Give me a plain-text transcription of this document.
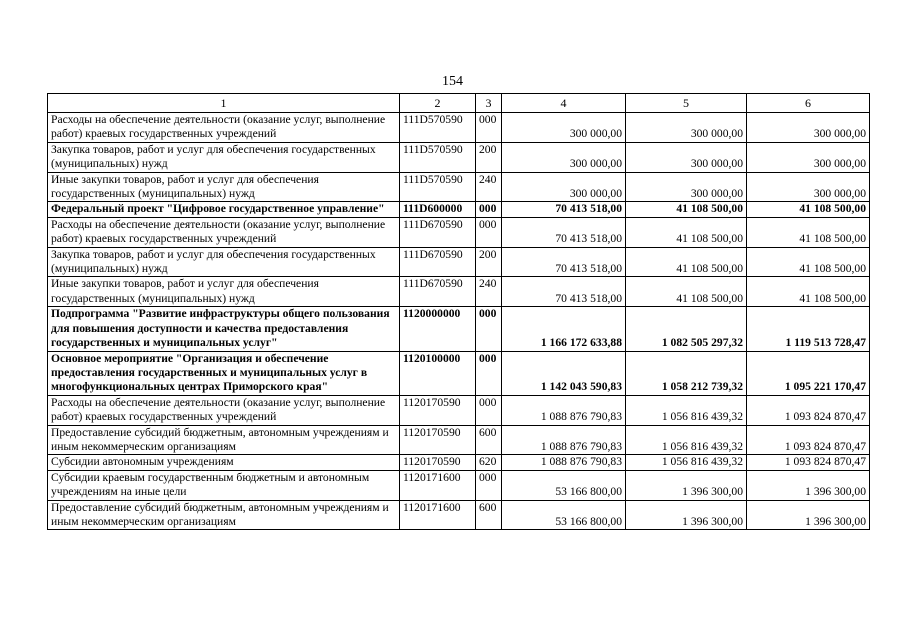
154
1	2	3	4	5	6
Расходы на обеспечение деятельности (оказание услуг, выполнение работ) краевых государственных учреждений	111D570590	000	300 000,00	300 000,00	300 000,00
Закупка товаров, работ и услуг для обеспечения государственных (муниципальных) нужд	111D570590	200	300 000,00	300 000,00	300 000,00
Иные закупки товаров, работ и услуг для обеспечения государственных (муниципальных) нужд	111D570590	240	300 000,00	300 000,00	300 000,00
Федеральный проект "Цифровое государственное управление"	111D600000	000	70 413 518,00	41 108 500,00	41 108 500,00
Расходы на обеспечение деятельности (оказание услуг, выполнение работ) краевых государственных учреждений	111D670590	000	70 413 518,00	41 108 500,00	41 108 500,00
Закупка товаров, работ и услуг для обеспечения государственных (муниципальных) нужд	111D670590	200	70 413 518,00	41 108 500,00	41 108 500,00
Иные закупки товаров, работ и услуг для обеспечения государственных (муниципальных) нужд	111D670590	240	70 413 518,00	41 108 500,00	41 108 500,00
Подпрограмма "Развитие инфраструктуры общего пользования для повышения доступности и качества предоставления государственных и муниципальных услуг"	1120000000	000	1 166 172 633,88	1 082 505 297,32	1 119 513 728,47
Основное мероприятие "Организация и обеспечение предоставления государственных и муниципальных услуг в многофункциональных центрах Приморского края"	1120100000	000	1 142 043 590,83	1 058 212 739,32	1 095 221 170,47
Расходы на обеспечение деятельности (оказание услуг, выполнение работ) краевых государственных учреждений	1120170590	000	1 088 876 790,83	1 056 816 439,32	1 093 824 870,47
Предоставление субсидий бюджетным, автономным учреждениям и иным некоммерческим организациям	1120170590	600	1 088 876 790,83	1 056 816 439,32	1 093 824 870,47
Субсидии автономным учреждениям	1120170590	620	1 088 876 790,83	1 056 816 439,32	1 093 824 870,47
Субсидии краевым государственным бюджетным и автономным учреждениям на иные цели	1120171600	000	53 166 800,00	1 396 300,00	1 396 300,00
Предоставление субсидий бюджетным, автономным учреждениям и иным некоммерческим организациям	1120171600	600	53 166 800,00	1 396 300,00	1 396 300,00
